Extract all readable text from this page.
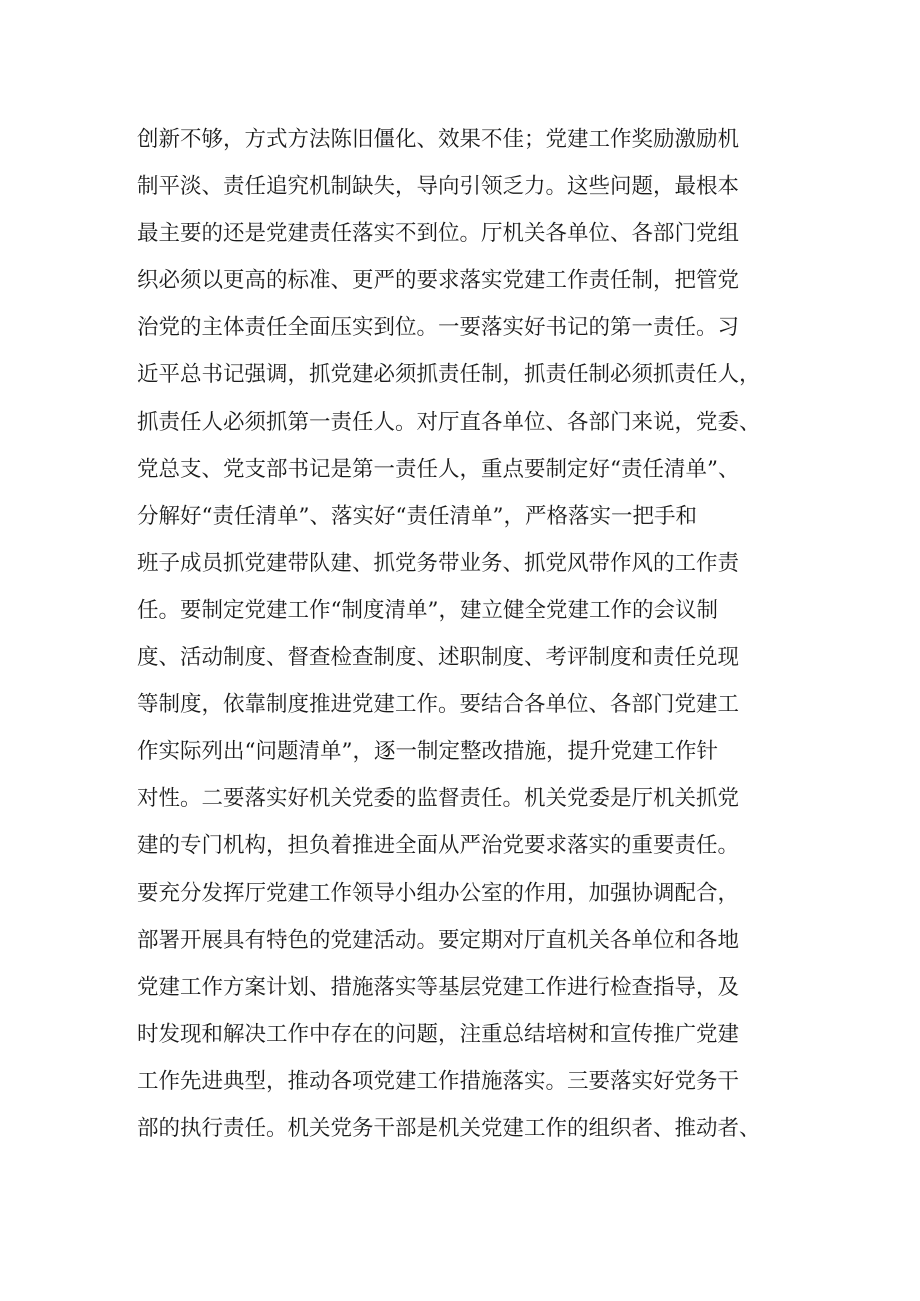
创新不够，方式方法陈旧僵化、效果不佳；党建工作奖励激励机
制平淡、责任追究机制缺失，导向引领乏力。这些问题，最根本
最主要的还是党建责任落实不到位。厅机关各单位、各部门党组
织必须以更高的标准、更严的要求落实党建工作责任制，把管党
治党的主体责任全面压实到位。一要落实好书记的第一责任。习
近平总书记强调，抓党建必须抓责任制，抓责任制必须抓责任人，
抓责任人必须抓第一责任人。对厅直各单位、各部门来说，党委、
党总支、党支部书记是第一责任人，重点要制定好“责任清单”、
分解好“责任清单”、落实好“责任清单”，严格落实一把手和
班子成员抓党建带队建、抓党务带业务、抓党风带作风的工作责
任。要制定党建工作“制度清单”，建立健全党建工作的会议制
度、活动制度、督查检查制度、述职制度、考评制度和责任兑现
等制度，依靠制度推进党建工作。要结合各单位、各部门党建工
作实际列出“问题清单”，逐一制定整改措施，提升党建工作针
对性。二要落实好机关党委的监督责任。机关党委是厅机关抓党
建的专门机构，担负着推进全面从严治党要求落实的重要责任。
要充分发挥厅党建工作领导小组办公室的作用，加强协调配合，
部署开展具有特色的党建活动。要定期对厅直机关各单位和各地
党建工作方案计划、措施落实等基层党建工作进行检查指导，及
时发现和解决工作中存在的问题，注重总结培树和宣传推广党建
工作先进典型，推动各项党建工作措施落实。三要落实好党务干
部的执行责任。机关党务干部是机关党建工作的组织者、推动者、
